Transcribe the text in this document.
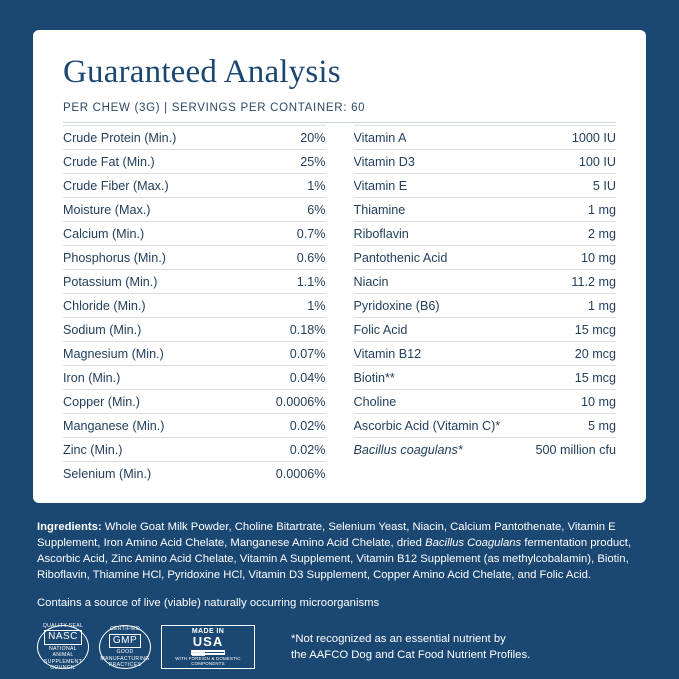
Guaranteed Analysis
PER CHEW (3G) | SERVINGS PER CONTAINER: 60
Crude Protein (Min.)	20%
Crude Fat (Min.)	25%
Crude Fiber (Max.)	1%
Moisture (Max.)	6%
Calcium (Min.)	0.7%
Phosphorus (Min.)	0.6%
Potassium (Min.)	1.1%
Chloride (Min.)	1%
Sodium (Min.)	0.18%
Magnesium (Min.)	0.07%
Iron (Min.)	0.04%
Copper (Min.)	0.0006%
Manganese (Min.)	0.02%
Zinc (Min.)	0.02%
Selenium (Min.)	0.0006%
Vitamin A	1000 IU
Vitamin D3	100 IU
Vitamin E	5 IU
Thiamine	1 mg
Riboflavin	2 mg
Pantothenic Acid	10 mg
Niacin	11.2 mg
Pyridoxine (B6)	1 mg
Folic Acid	15 mcg
Vitamin B12	20 mcg
Biotin**	15 mcg
Choline	10 mg
Ascorbic Acid (Vitamin C)*	5 mg
Bacillus coagulans*	500 million cfu
Ingredients: Whole Goat Milk Powder, Choline Bitartrate, Selenium Yeast, Niacin, Calcium Pantothenate, Vitamin E Supplement, Iron Amino Acid Chelate, Manganese Amino Acid Chelate, dried Bacillus Coagulans fermentation product, Ascorbic Acid, Zinc Amino Acid Chelate, Vitamin A Supplement, Vitamin B12 Supplement (as methylcobalamin), Biotin, Riboflavin, Thiamine HCl, Pyridoxine HCl, Vitamin D3 Supplement, Copper Amino Acid Chelate, and Folic Acid.
Contains a source of live (viable) naturally occurring microorganisms
QUALITY SEAL
NASC
NATIONAL ANIMAL SUPPLEMENT COUNCIL
CERTIFIED
GMP
GOOD MANUFACTURING PRACTICES
MADE IN
USA
WITH FOREIGN & DOMESTIC COMPONENTS
*Not recognized as an essential nutrient by
the AAFCO Dog and Cat Food Nutrient Profiles.
